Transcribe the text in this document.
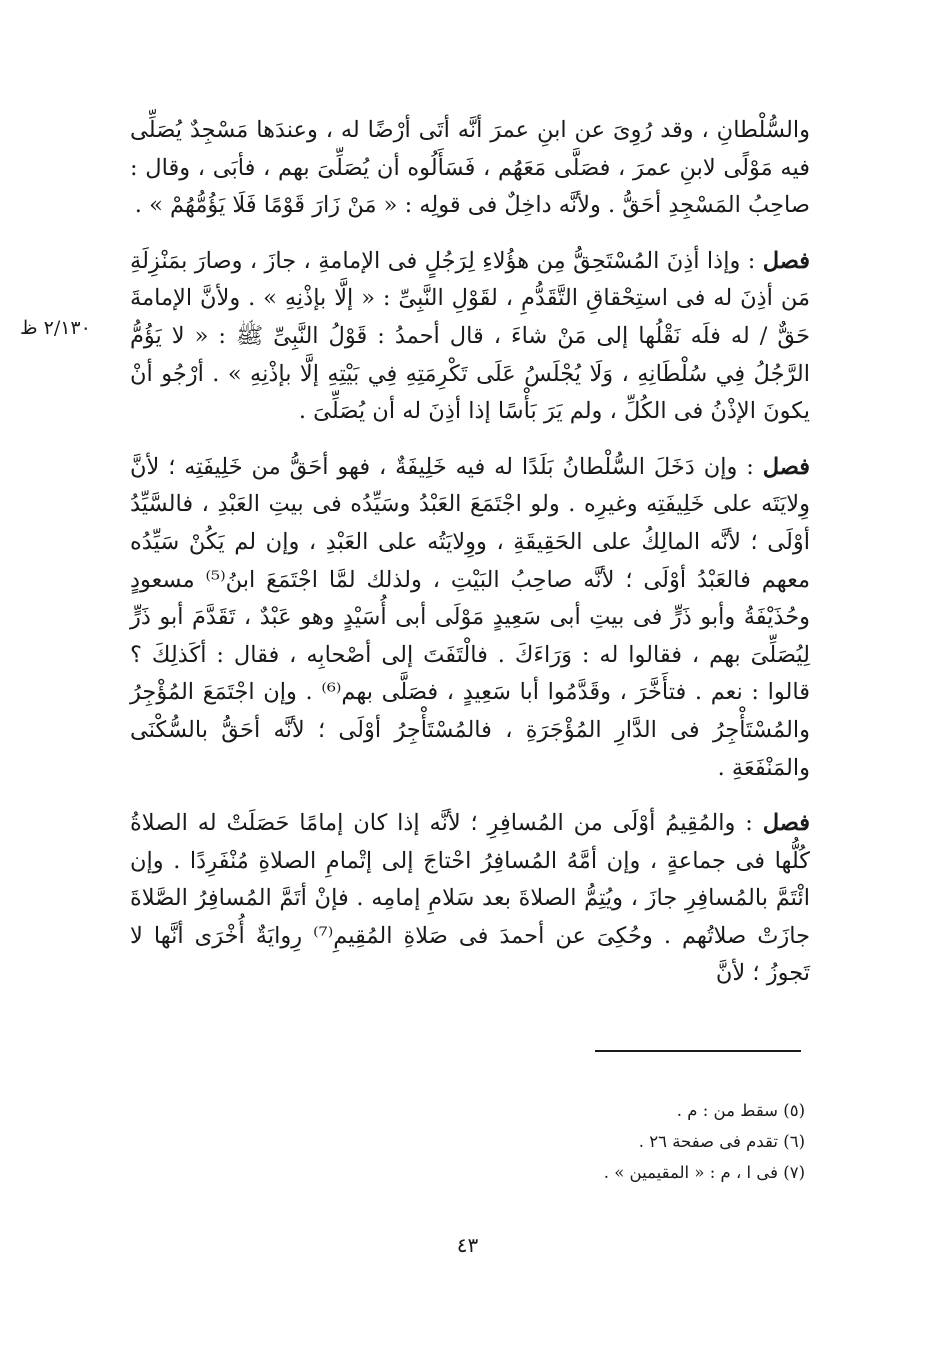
٢/١٣٠ ظ

والسُّلْطانِ ، وقد رُوِىَ عن ابنِ عمرَ أنَّه أتَى أرْضًا له ، وعندَها مَسْجِدٌ يُصَلِّى فيه مَوْلًى لابنِ عمرَ ، فصَلَّى مَعَهُم ، فَسَأَلُوه أن يُصَلِّىَ بهم ، فأبَى ، وقال : صاحِبُ المَسْجِدِ أحَقُّ . ولأنَّه داخِلٌ فى قولِه : « مَنْ زَارَ قَوْمًا فَلَا يَؤُمُّهُمْ » .

فصل : وإذا أذِنَ المُسْتَحِقُّ مِن هؤُلاءِ لِرَجُلٍ فى الإمامةِ ، جازَ ، وصارَ بمَنْزِلَةِ مَن أذِنَ له فى استِحْقاقِ التَّقَدُّمِ ، لقَوْلِ النَّبِىِّ : « إلَّا بإذْنِهِ » . ولأنَّ الإمامةَ حَقٌّ / له فلَه نَقْلُها إلى مَنْ شاءَ ، قال أحمدُ : قَوْلُ النَّبِىِّ ﷺ : « لا يَؤُمُّ الرَّجُلُ فِي سُلْطَانِهِ ، وَلَا يُجْلَسُ عَلَى تَكْرِمَتِهِ فِي بَيْتِهِ إلَّا بإذْنِهِ » . أرْجُو أنْ يكونَ الإذْنُ فى الكُلِّ ، ولم يَرَ بَأْسًا إذا أذِنَ له أن يُصَلِّىَ .

فصل : وإن دَخَلَ السُّلْطانُ بَلَدًا له فيه خَلِيفَةٌ ، فهو أحَقُّ من خَلِيفَتِه ؛ لأنَّ وِلايَتَه على خَلِيفَتِه وغيرِه . ولو اجْتَمَعَ العَبْدُ وسَيِّدُه فى بيتِ العَبْدِ ، فالسَّيِّدُ أوْلَى ؛ لأنَّه المالِكُ على الحَقِيقَةِ ، ووِلايَتُه على العَبْدِ ، وإن لم يَكُنْ سَيِّدُه معهم فالعَبْدُ أوْلَى ؛ لأنَّه صاحِبُ البَيْتِ ، ولذلك لمَّا اجْتَمَعَ ابنُ⁽⁵⁾ مسعودٍ وحُذَيْفَةُ وأبو ذَرٍّ فى بيتِ أبى سَعِيدٍ مَوْلَى أبى أُسَيْدٍ وهو عَبْدٌ ، تَقَدَّمَ أبو ذَرٍّ لِيُصَلِّىَ بهم ، فقالوا له : وَرَاءَكَ . فالْتَفَتَ إلى أصْحابِه ، فقال : أكَذلِكَ ؟ قالوا : نعم . فتأَخَّرَ ، وقَدَّمُوا أبا سَعِيدٍ ، فصَلَّى بهم⁽⁶⁾ . وإن اجْتَمَعَ المُؤْجِرُ والمُسْتَأْجِرُ فى الدَّارِ المُؤْجَرَةِ ، فالمُسْتَأْجِرُ أوْلَى ؛ لأنَّه أحَقُّ بالسُّكْنَى والمَنْفَعَةِ .

فصل : والمُقِيمُ أوْلَى من المُسافِرِ ؛ لأنَّه إذا كان إمامًا حَصَلَتْ له الصلاةُ كُلُّها فى جماعةٍ ، وإن أمَّهُ المُسافِرُ احْتاجَ إلى إتْمامِ الصلاةِ مُنْفَرِدًا . وإن ائْتَمَّ بالمُسافِرِ جازَ ، ويُتِمُّ الصلاةَ بعد سَلامِ إمامِه . فإنْ أتَمَّ المُسافِرُ الصَّلاةَ جازَتْ صلاتُهم . وحُكِىَ عن أحمدَ فى صَلاةِ المُقِيمِ⁽⁷⁾ رِوايَةٌ أُخْرَى أنَّها لا تَجوزُ ؛ لأنَّ

(٥) سقط من : م .
(٦) تقدم فى صفحة ٢٦ .
(٧) فى ا ، م : « المقيمين » .
٤٣
